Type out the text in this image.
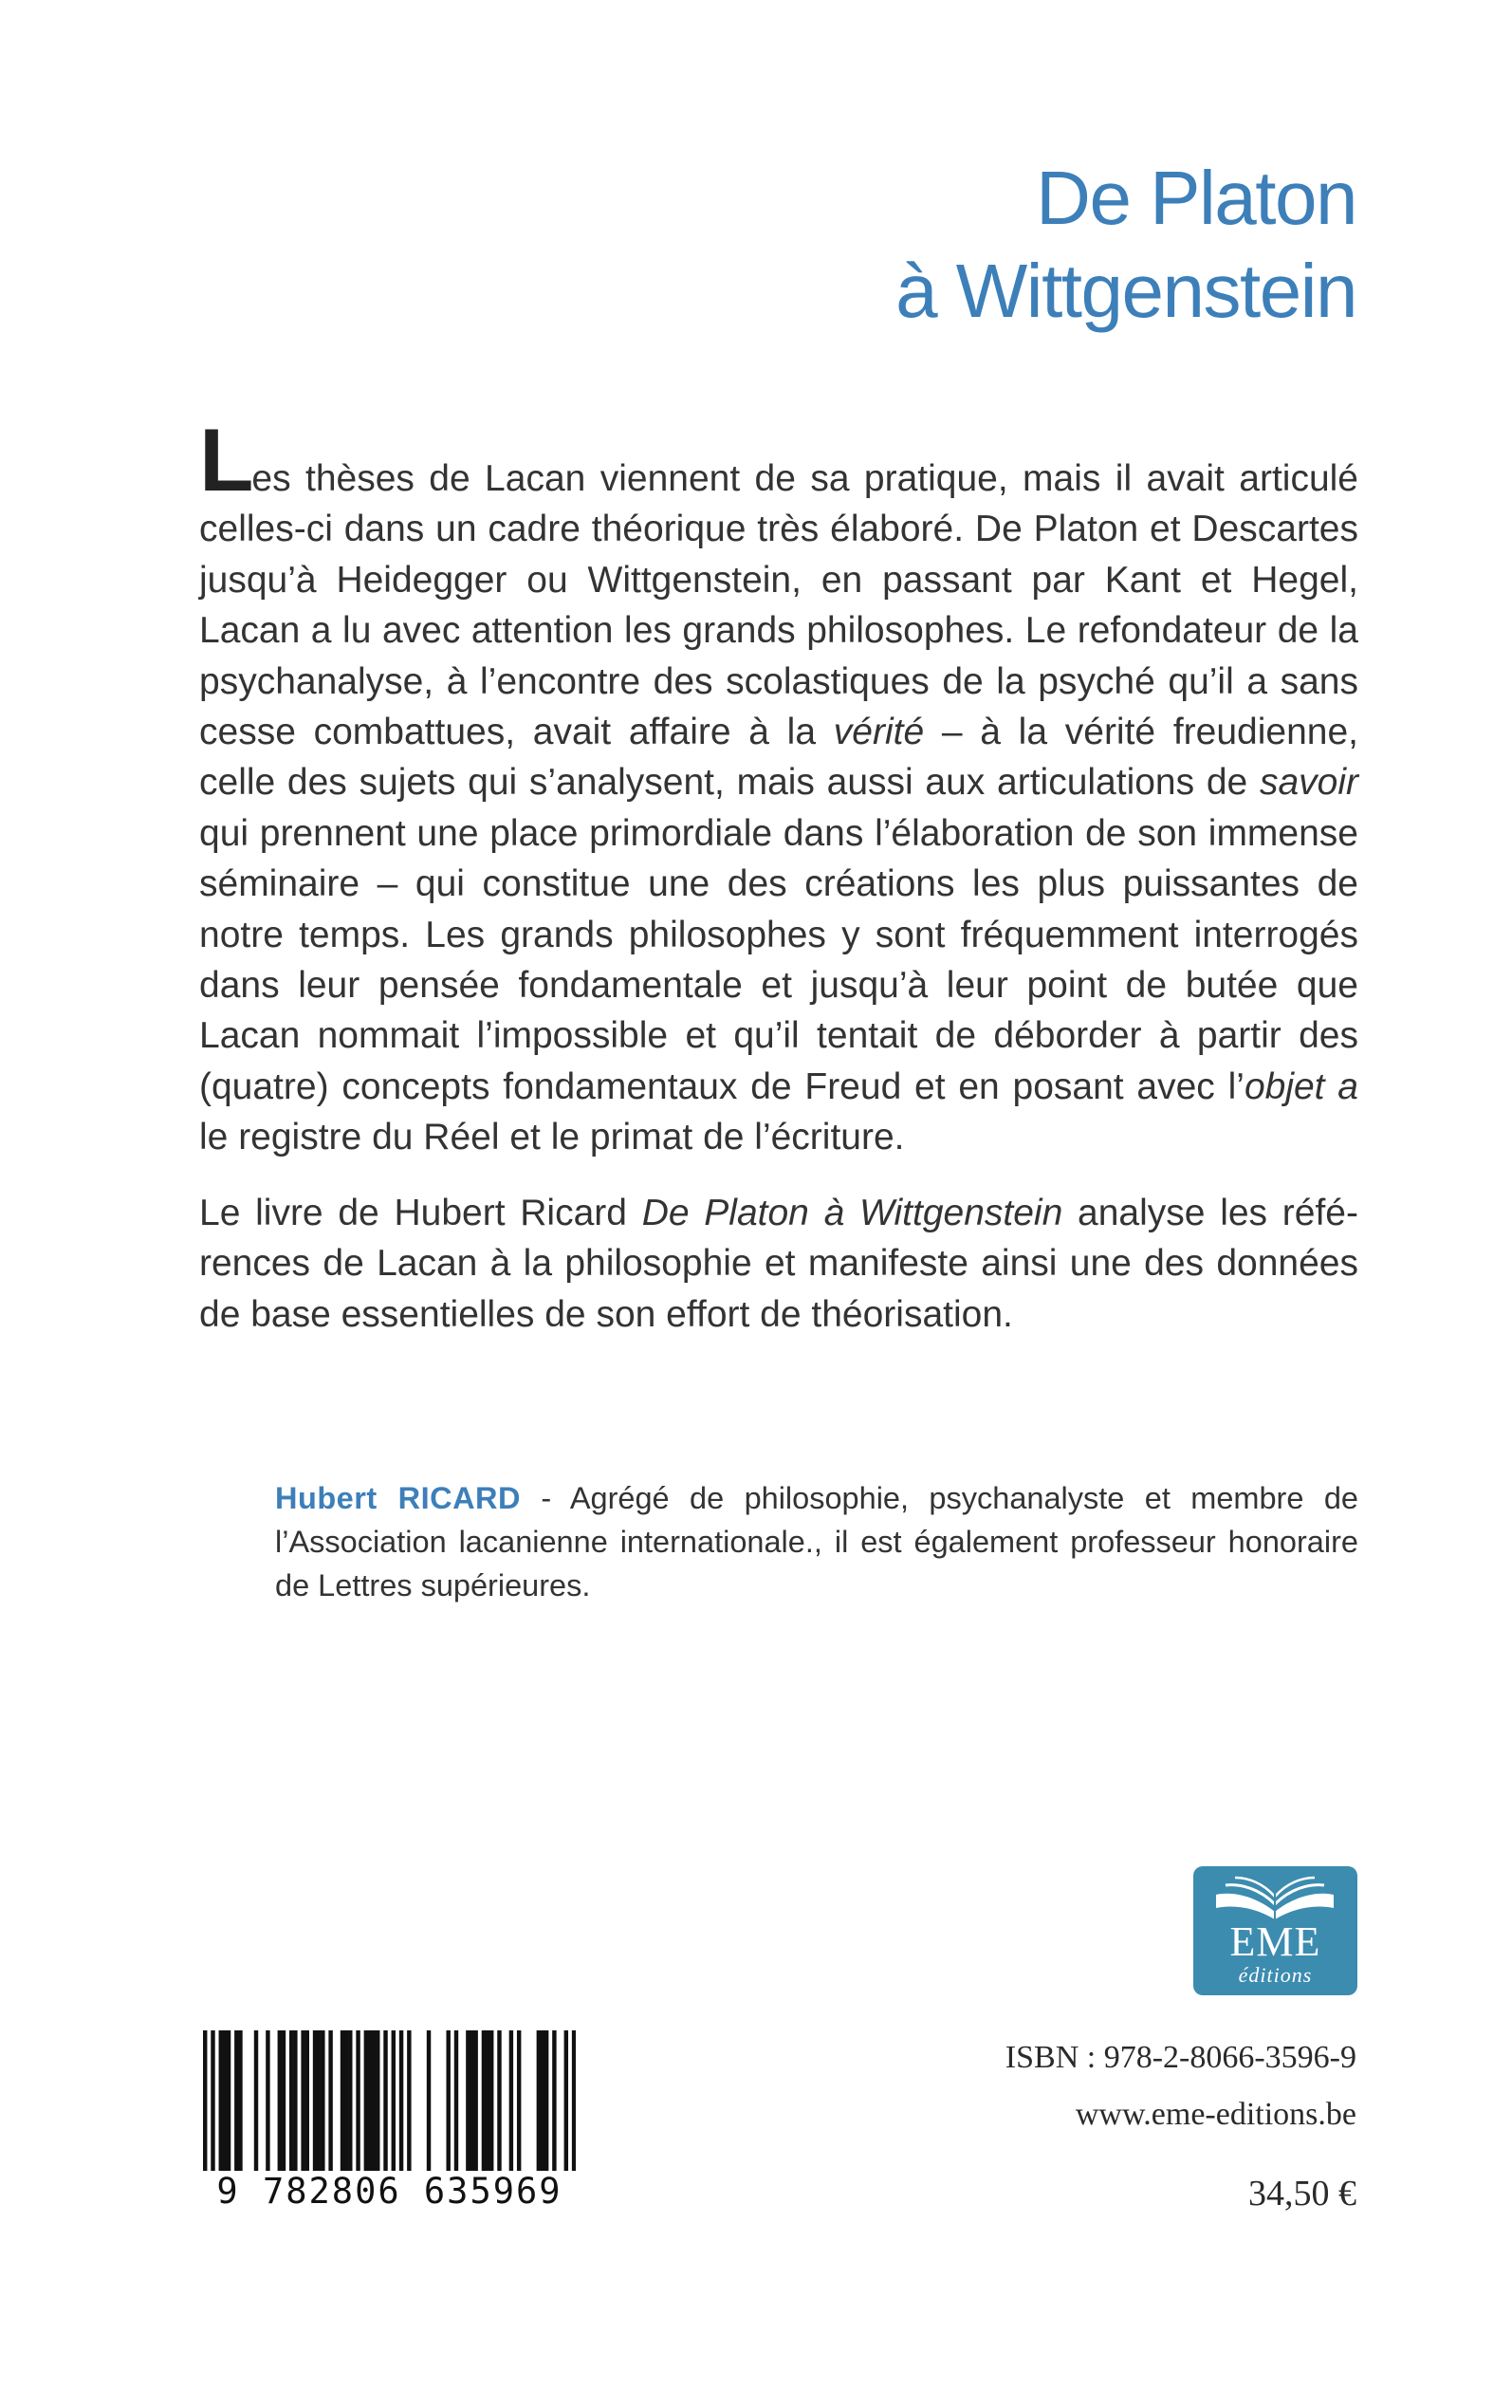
De Platon
à Wittgenstein

Les thèses de Lacan viennent de sa pratique, mais il avait articulé celles-ci dans un cadre théorique très élaboré. De Platon et Descartes jusqu’à Heidegger ou Wittgenstein, en passant par Kant et Hegel, Lacan a lu avec attention les grands philosophes. Le refondateur de la psychanalyse, à l’encontre des scolastiques de la psyché qu’il a sans cesse combattues, avait affaire à la vérité – à la vérité freudienne, celle des sujets qui s’analysent, mais aussi aux articulations de savoir qui prennent une place primordiale dans l’élaboration de son immense séminaire – qui constitue une des créations les plus puissantes de notre temps. Les grands philosophes y sont fréquemment interrogés dans leur pensée fondamentale et jusqu’à leur point de butée que Lacan nommait l’impossible et qu’il tentait de déborder à partir des (quatre) concepts fondamentaux de Freud et en posant avec l’objet a le registre du Réel et le primat de l’écriture.

Le livre de Hubert Ricard De Platon à Wittgenstein analyse les références de Lacan à la philosophie et manifeste ainsi une des données de base essentielles de son effort de théorisation.

Hubert RICARD - Agrégé de philosophie, psychanalyste et membre de l’Association lacanienne internationale., il est également professeur honoraire de Lettres supérieures.
EME
éditions
9 782806 635969
ISBN : 978-2-8066-3596-9
www.eme-editions.be
34,50 €
